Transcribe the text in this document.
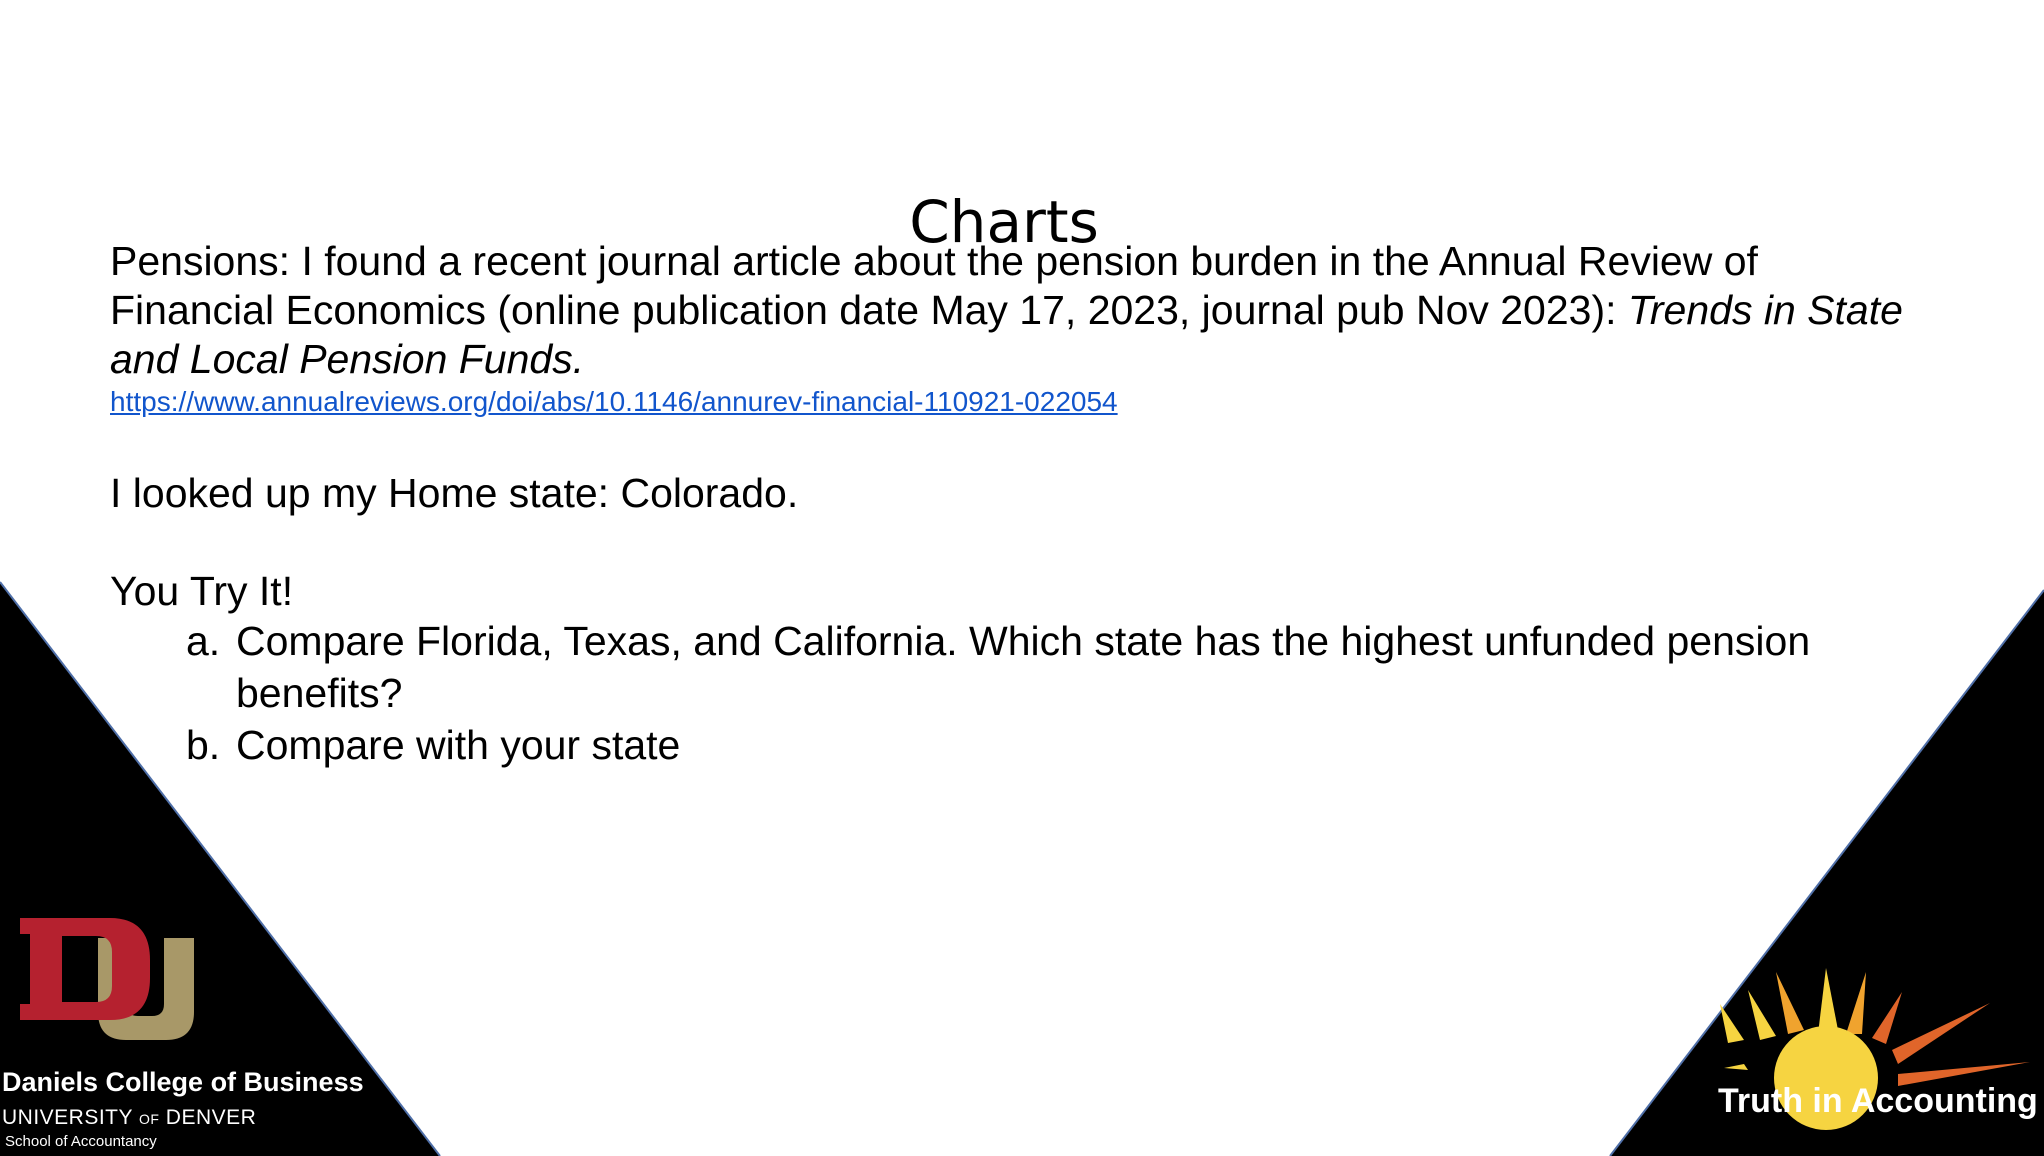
Charts

Pensions: I found a recent journal article about the pension burden in the Annual Review of Financial Economics (online publication date May 17, 2023, journal pub Nov 2023): Trends in State and Local Pension Funds.

https://www.annualreviews.org/doi/abs/10.1146/annurev-financial-110921-022054

I looked up my Home state: Colorado.

You Try It!

a. Compare Florida, Texas, and California. Which state has the highest unfunded pension benefits?
b. Compare with your state
Daniels College of Business
UNIVERSITY OF DENVER
School of Accountancy
Truth in Accounting
